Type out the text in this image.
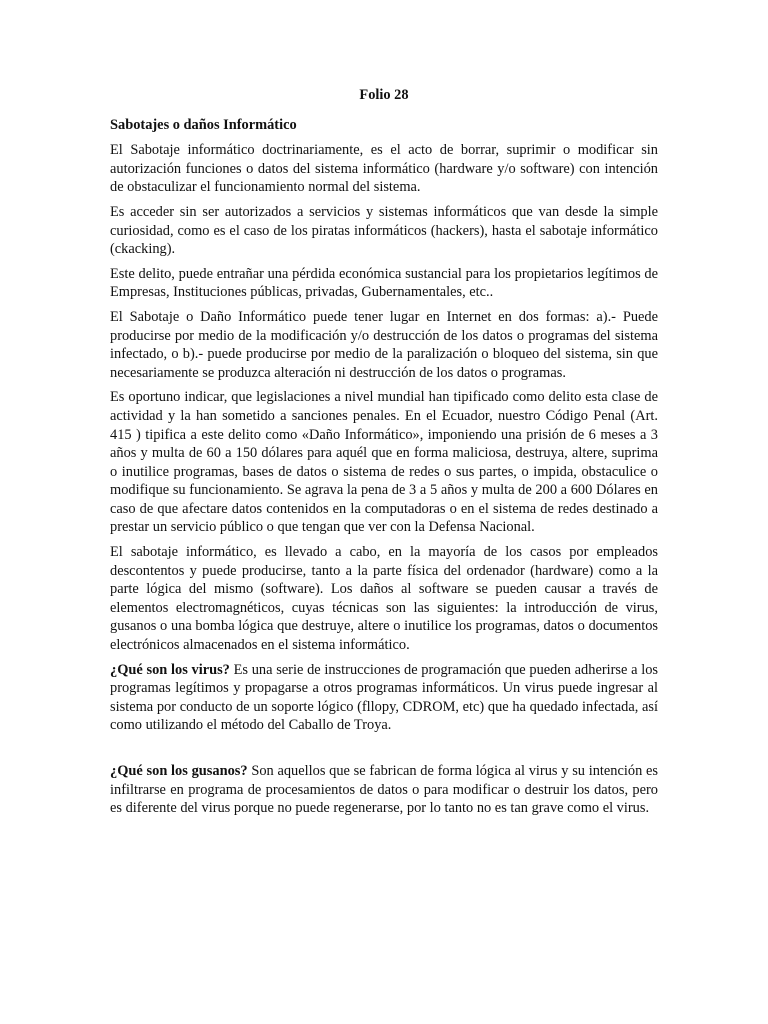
Folio 28
Sabotajes o daños Informático

El Sabotaje informático doctrinariamente, es el acto de borrar, suprimir o modificar sin autorización funciones o datos del sistema informático (hardware y/o software) con intención de obstaculizar el funcionamiento normal del sistema.

Es acceder sin ser autorizados a servicios y sistemas informáticos que van desde la simple curiosidad, como es el caso de los piratas informáticos (hackers), hasta el sabotaje informático (ckacking).

Este delito, puede entrañar una pérdida económica sustancial para los propietarios legítimos de Empresas, Instituciones públicas, privadas, Gubernamentales, etc..

El Sabotaje o Daño Informático puede tener lugar en Internet en dos formas: a).- Puede producirse por medio de la modificación y/o destrucción de los datos o programas del sistema infectado, o b).- puede producirse por medio de la paralización o bloqueo del sistema, sin que necesariamente se produzca alteración ni destrucción de los datos o programas.

Es oportuno indicar, que legislaciones a nivel mundial han tipificado como delito esta clase de actividad y la han sometido a sanciones penales. En el Ecuador, nuestro Código Penal (Art. 415 ) tipifica a este delito como «Daño Informático», imponiendo una prisión de 6 meses a 3 años y multa de 60 a 150 dólares para aquél que en forma maliciosa, destruya, altere, suprima o inutilice programas, bases de datos o sistema de redes o sus partes, o impida, obstaculice o modifique su funcionamiento. Se agrava la pena de 3 a 5 años y multa de 200 a 600 Dólares en caso de que afectare datos contenidos en la computadoras o en el sistema de redes destinado a prestar un servicio público o que tengan que ver con la Defensa Nacional.

El sabotaje informático, es llevado a cabo, en la mayoría de los casos por empleados descontentos y puede producirse, tanto a la parte física del ordenador (hardware) como a la parte lógica del mismo (software). Los daños al software se pueden causar a través de elementos electromagnéticos, cuyas técnicas son las siguientes: la introducción de virus, gusanos o una bomba lógica que destruye, altere o inutilice los programas, datos o documentos electrónicos almacenados en el sistema informático.

¿Qué son los virus? Es una serie de instrucciones de programación que pueden adherirse a los programas legítimos y propagarse a otros programas informáticos. Un virus puede ingresar al sistema por conducto de un soporte lógico (fllopy, CDROM, etc) que ha quedado infectada, así como utilizando el método del Caballo de Troya.

¿Qué son los gusanos? Son aquellos que se fabrican de forma lógica al virus y su intención es infiltrarse en programa de procesamientos de datos o para modificar o destruir los datos, pero es diferente del virus porque no puede regenerarse, por lo tanto no es tan grave como el virus.
